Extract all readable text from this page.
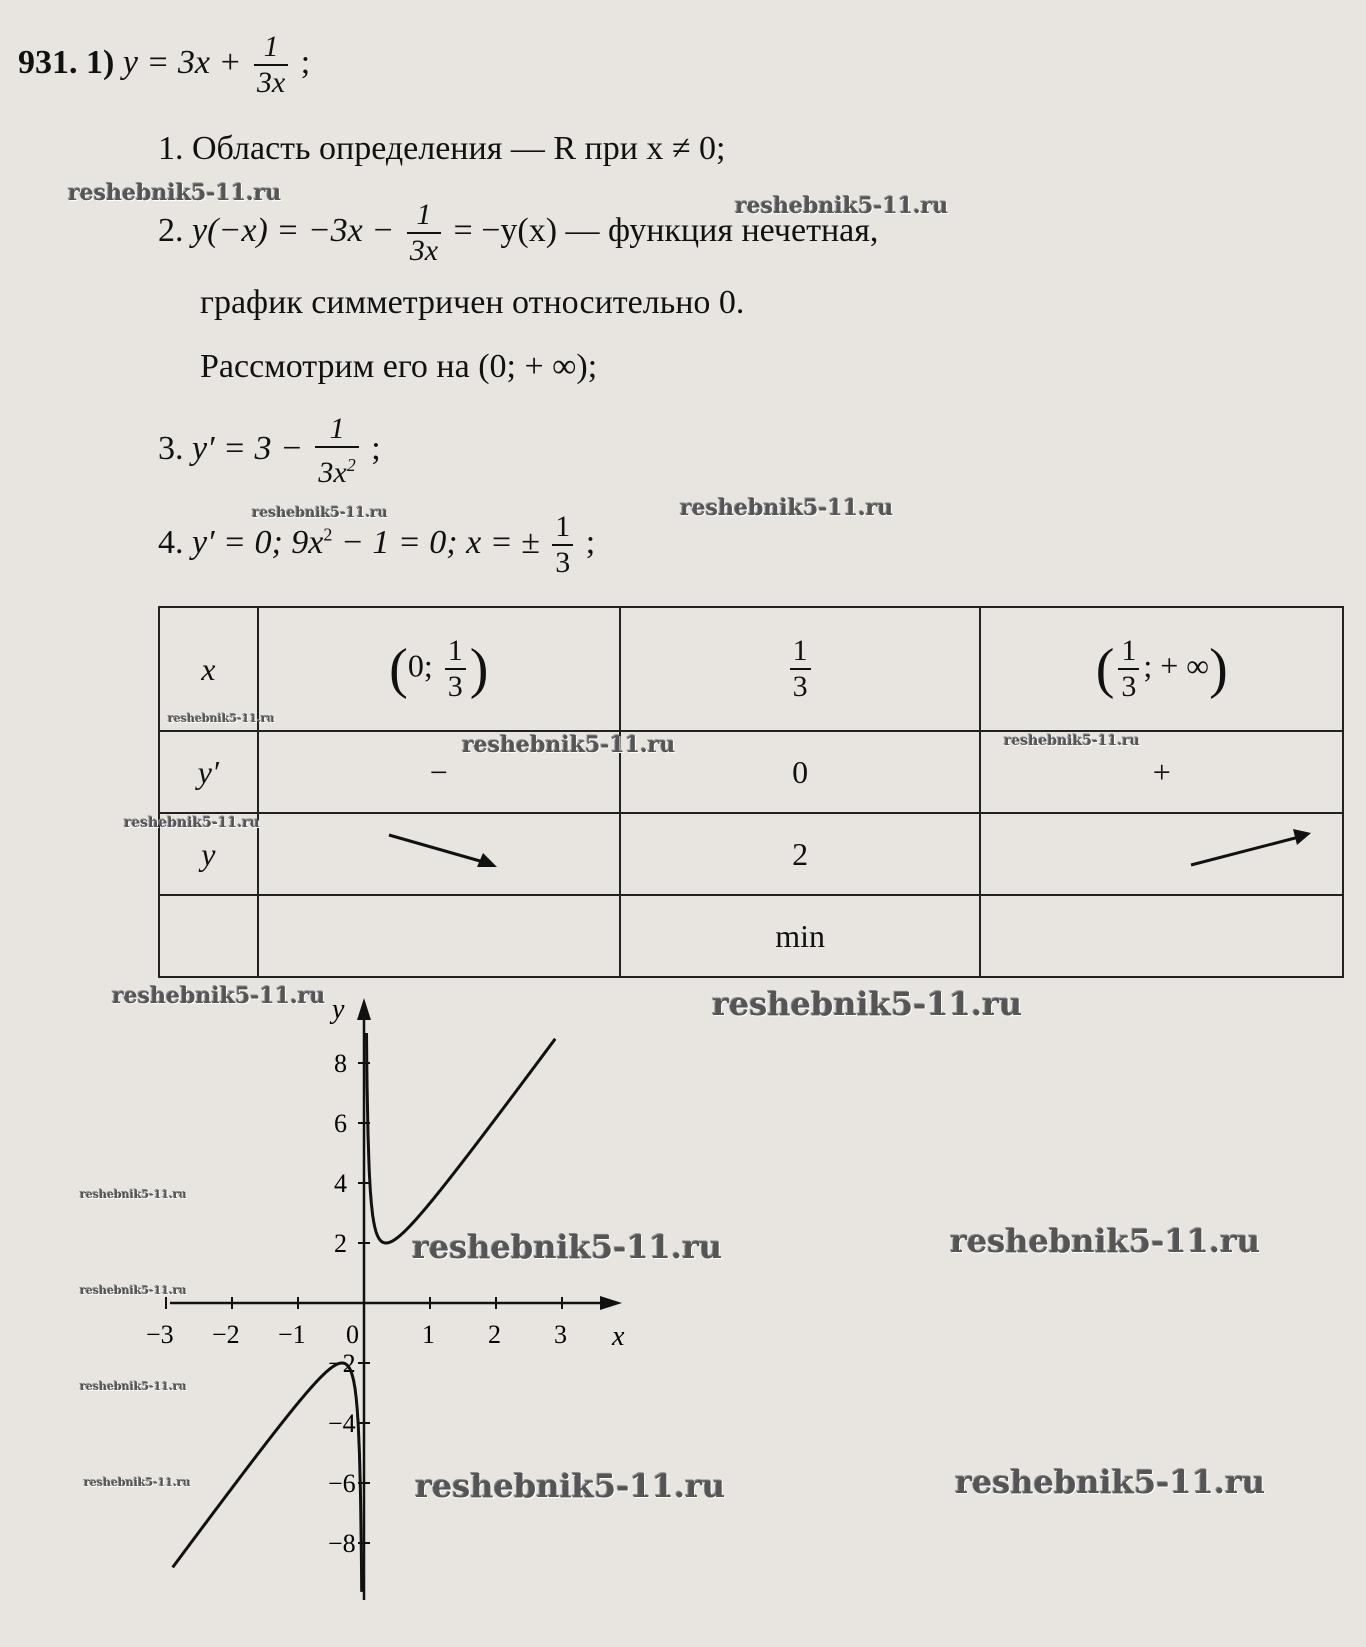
931. 1) $y = 3x + \frac{1}{3x}$ ;
1. Область определения — R при x ≠ 0;
2. $y(-x) = -3x - \frac{1}{3x} = -y(x)$ — функция нечетная,
график симметричен относительно 0.
Рассмотрим его на (0; + ∞);
3. $y' = 3 - \frac{1}{3x^2}$ ;
4. y′ = 0; $9x^2 - 1 = 0$; x = ± $\frac{1}{3}$ ;
x	(0; $\frac{1}{3}$ )	$\frac{1}{3}$	( $\frac{1}{3}$ ; + ∞)
y′	−	0	+
y		2	
		min	
x
y
−3 −2 −1 0 1 2 3
2
4
6
8
−2
−4
−6
−8
reshebnik5-11.ru	reshebnik5-11.ru
reshebnik5-11.ru	reshebnik5-11.ru
reshebnik5-11.ru
reshebnik5-11.ru	reshebnik5-11.ru
reshebnik5-11.ru
reshebnik5-11.ru	reshebnik5-11.ru
reshebnik5-11.ru
reshebnik5-11.ru	reshebnik5-11.ru
reshebnik5-11.ru
reshebnik5-11.ru
reshebnik5-11.ru	reshebnik5-11.ru	reshebnik5-11.ru
